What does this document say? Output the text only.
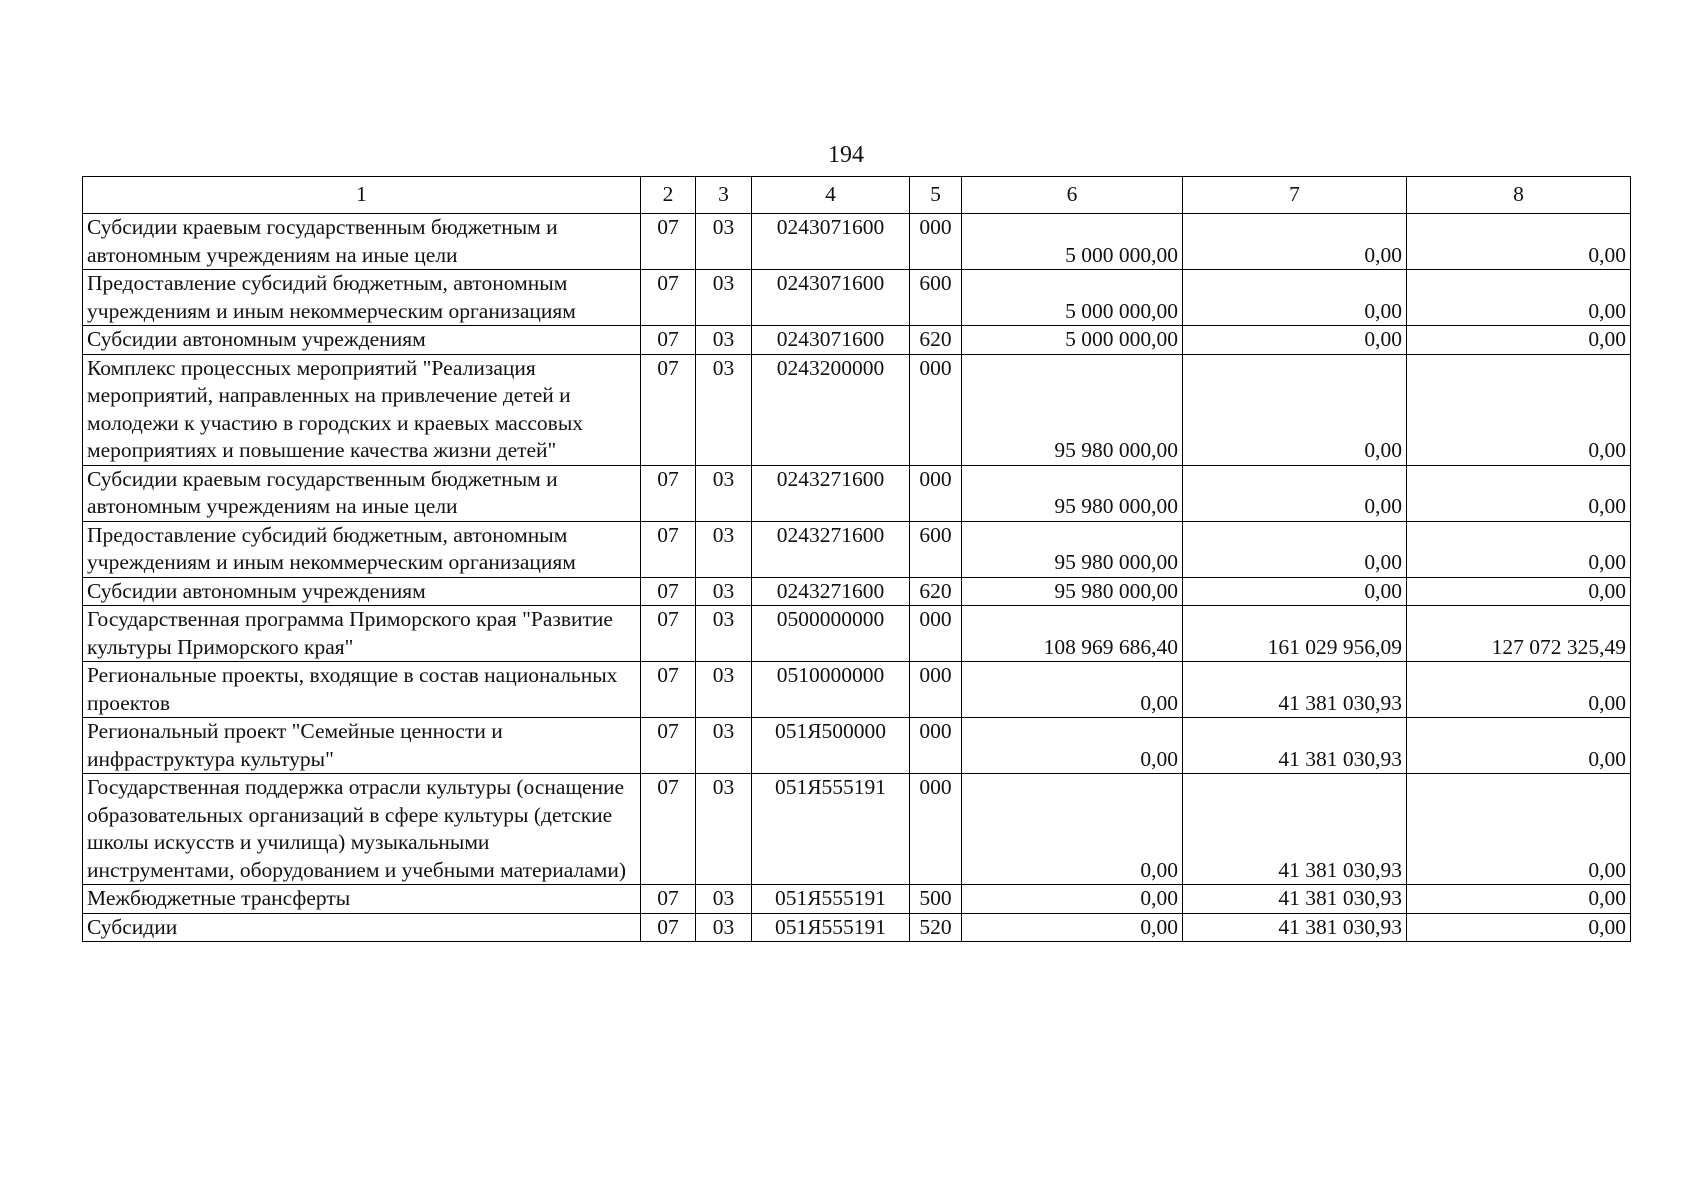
194
1	2	3	4	5	6	7	8
Субсидии краевым государственным бюджетным и автономным учреждениям на иные цели	07	03	0243071600	000	5 000 000,00	0,00	0,00
Предоставление субсидий бюджетным, автономным учреждениям и иным некоммерческим организациям	07	03	0243071600	600	5 000 000,00	0,00	0,00
Субсидии автономным учреждениям	07	03	0243071600	620	5 000 000,00	0,00	0,00
Комплекс процессных мероприятий "Реализация мероприятий, направленных на привлечение детей и молодежи к участию в городских и краевых массовых мероприятиях и повышение качества жизни детей"	07	03	0243200000	000	95 980 000,00	0,00	0,00
Субсидии краевым государственным бюджетным и автономным учреждениям на иные цели	07	03	0243271600	000	95 980 000,00	0,00	0,00
Предоставление субсидий бюджетным, автономным учреждениям и иным некоммерческим организациям	07	03	0243271600	600	95 980 000,00	0,00	0,00
Субсидии автономным учреждениям	07	03	0243271600	620	95 980 000,00	0,00	0,00
Государственная программа Приморского края "Развитие культуры Приморского края"	07	03	0500000000	000	108 969 686,40	161 029 956,09	127 072 325,49
Региональные проекты, входящие в состав национальных проектов	07	03	0510000000	000	0,00	41 381 030,93	0,00
Региональный проект "Семейные ценности и инфраструктура культуры"	07	03	051Я500000	000	0,00	41 381 030,93	0,00
Государственная поддержка отрасли культуры (оснащение образовательных организаций в сфере культуры (детские школы искусств и училища) музыкальными инструментами, оборудованием и учебными материалами)	07	03	051Я555191	000	0,00	41 381 030,93	0,00
Межбюджетные трансферты	07	03	051Я555191	500	0,00	41 381 030,93	0,00
Субсидии	07	03	051Я555191	520	0,00	41 381 030,93	0,00
